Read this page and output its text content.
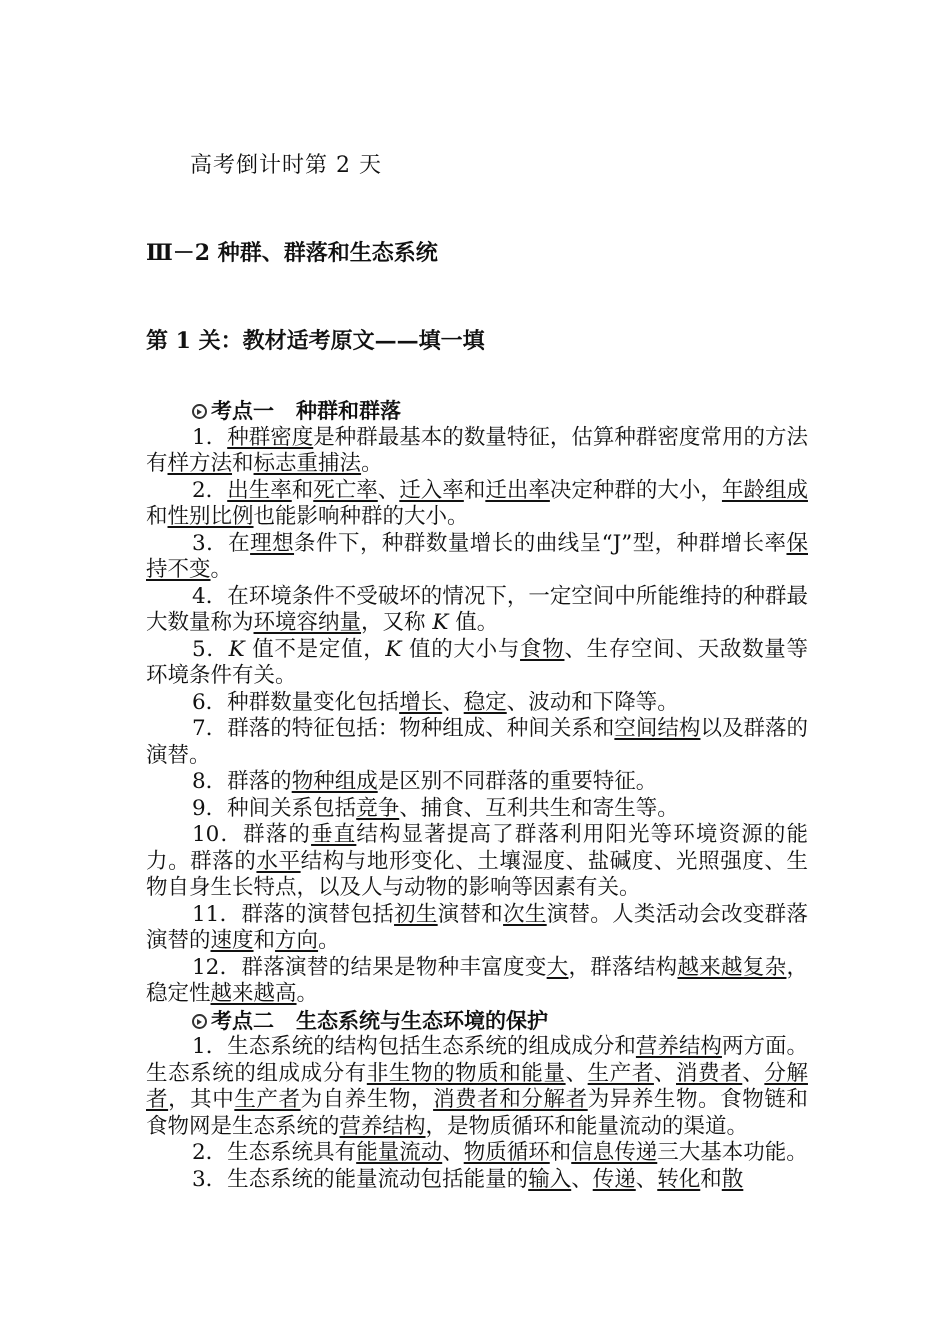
高考倒计时第 2 天
Ⅲ－2 种群、群落和生态系统
第 1 关：教材适考原文——填一填
考点一 种群和群落

1．种群密度是种群最基本的数量特征，估算种群密度常用的方法有样方法和标志重捕法。

2．出生率和死亡率、迁入率和迁出率决定种群的大小，年龄组成和性别比例也能影响种群的大小。

3．在理想条件下，种群数量增长的曲线呈“J”型，种群增长率保持不变。

4．在环境条件不受破坏的情况下，一定空间中所能维持的种群最大数量称为环境容纳量，又称 K 值。

5．K 值不是定值，K 值的大小与食物、生存空间、天敌数量等环境条件有关。

6．种群数量变化包括增长、稳定、波动和下降等。

7．群落的特征包括：物种组成、种间关系和空间结构以及群落的演替。

8．群落的物种组成是区别不同群落的重要特征。

9．种间关系包括竞争、捕食、互利共生和寄生等。

10．群落的垂直结构显著提高了群落利用阳光等环境资源的能力。群落的水平结构与地形变化、土壤湿度、盐碱度、光照强度、生物自身生长特点，以及人与动物的影响等因素有关。

11．群落的演替包括初生演替和次生演替。人类活动会改变群落演替的速度和方向。

12．群落演替的结果是物种丰富度变大，群落结构越来越复杂，稳定性越来越高。

考点二 生态系统与生态环境的保护

1．生态系统的结构包括生态系统的组成成分和营养结构两方面。生态系统的组成成分有非生物的物质和能量、生产者、消费者、分解者，其中生产者为自养生物，消费者和分解者为异养生物。食物链和食物网是生态系统的营养结构，是物质循环和能量流动的渠道。

2．生态系统具有能量流动、物质循环和信息传递三大基本功能。

3．生态系统的能量流动包括能量的输入、传递、转化和散
